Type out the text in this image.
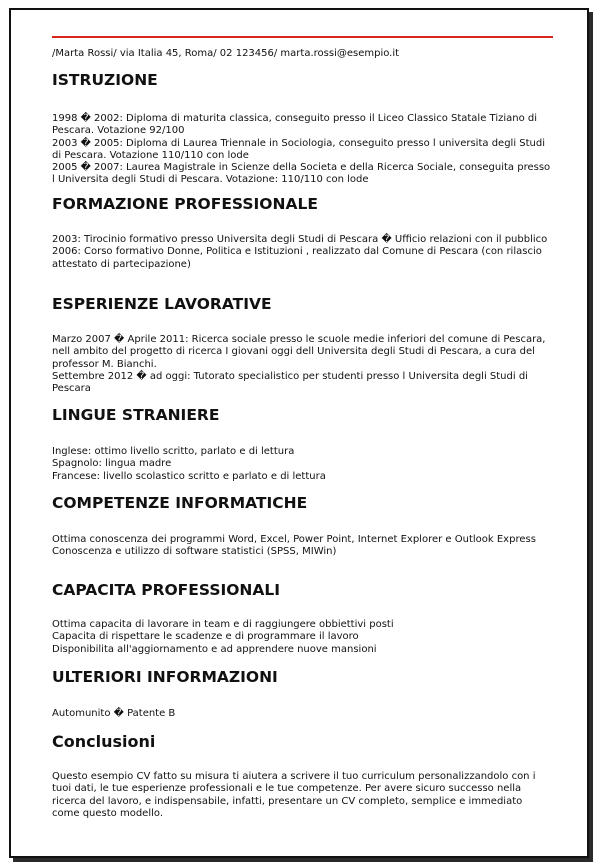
/Marta Rossi/ via Italia 45, Roma/ 02 123456/ marta.rossi@esempio.it
ISTRUZIONE

1998 � 2002: Diploma di maturita classica, conseguito presso il Liceo Classico Statale Tiziano di Pescara. Votazione 92/100

2003 � 2005: Diploma di Laurea Triennale in Sociologia, conseguito presso l universita degli Studi di Pescara. Votazione 110/110 con lode

2005 � 2007: Laurea Magistrale in Scienze della Societa e della Ricerca Sociale, conseguita presso l Universita degli Studi di Pescara. Votazione: 110/110 con lode

FORMAZIONE PROFESSIONALE

2003: Tirocinio formativo presso Universita degli Studi di Pescara � Ufficio relazioni con il pubblico

2006: Corso formativo Donne, Politica e Istituzioni , realizzato dal Comune di Pescara (con rilascio attestato di partecipazione)

ESPERIENZE LAVORATIVE

Marzo 2007 � Aprile 2011: Ricerca sociale presso le scuole medie inferiori del comune di Pescara, nell ambito del progetto di ricerca I giovani oggi dell Universita degli Studi di Pescara, a cura del professor M. Bianchi.

Settembre 2012 � ad oggi: Tutorato specialistico per studenti presso l Universita degli Studi di Pescara

LINGUE STRANIERE

Inglese: ottimo livello scritto, parlato e di lettura

Spagnolo: lingua madre

Francese: livello scolastico scritto e parlato e di lettura

COMPETENZE INFORMATICHE

Ottima conoscenza dei programmi Word, Excel, Power Point, Internet Explorer e Outlook Express

Conoscenza e utilizzo di software statistici (SPSS, MIWin)

CAPACITA PROFESSIONALI

Ottima capacita di lavorare in team e di raggiungere obbiettivi posti

Capacita di rispettare le scadenze e di programmare il lavoro

Disponibilita all'aggiornamento e ad apprendere nuove mansioni

ULTERIORI INFORMAZIONI

Automunito � Patente B

Conclusioni

Questo esempio CV fatto su misura ti aiutera a scrivere il tuo curriculum personalizzandolo con i tuoi dati, le tue esperienze professionali e le tue competenze. Per avere sicuro successo nella ricerca del lavoro, e indispensabile, infatti, presentare un CV completo, semplice e immediato come questo modello.
